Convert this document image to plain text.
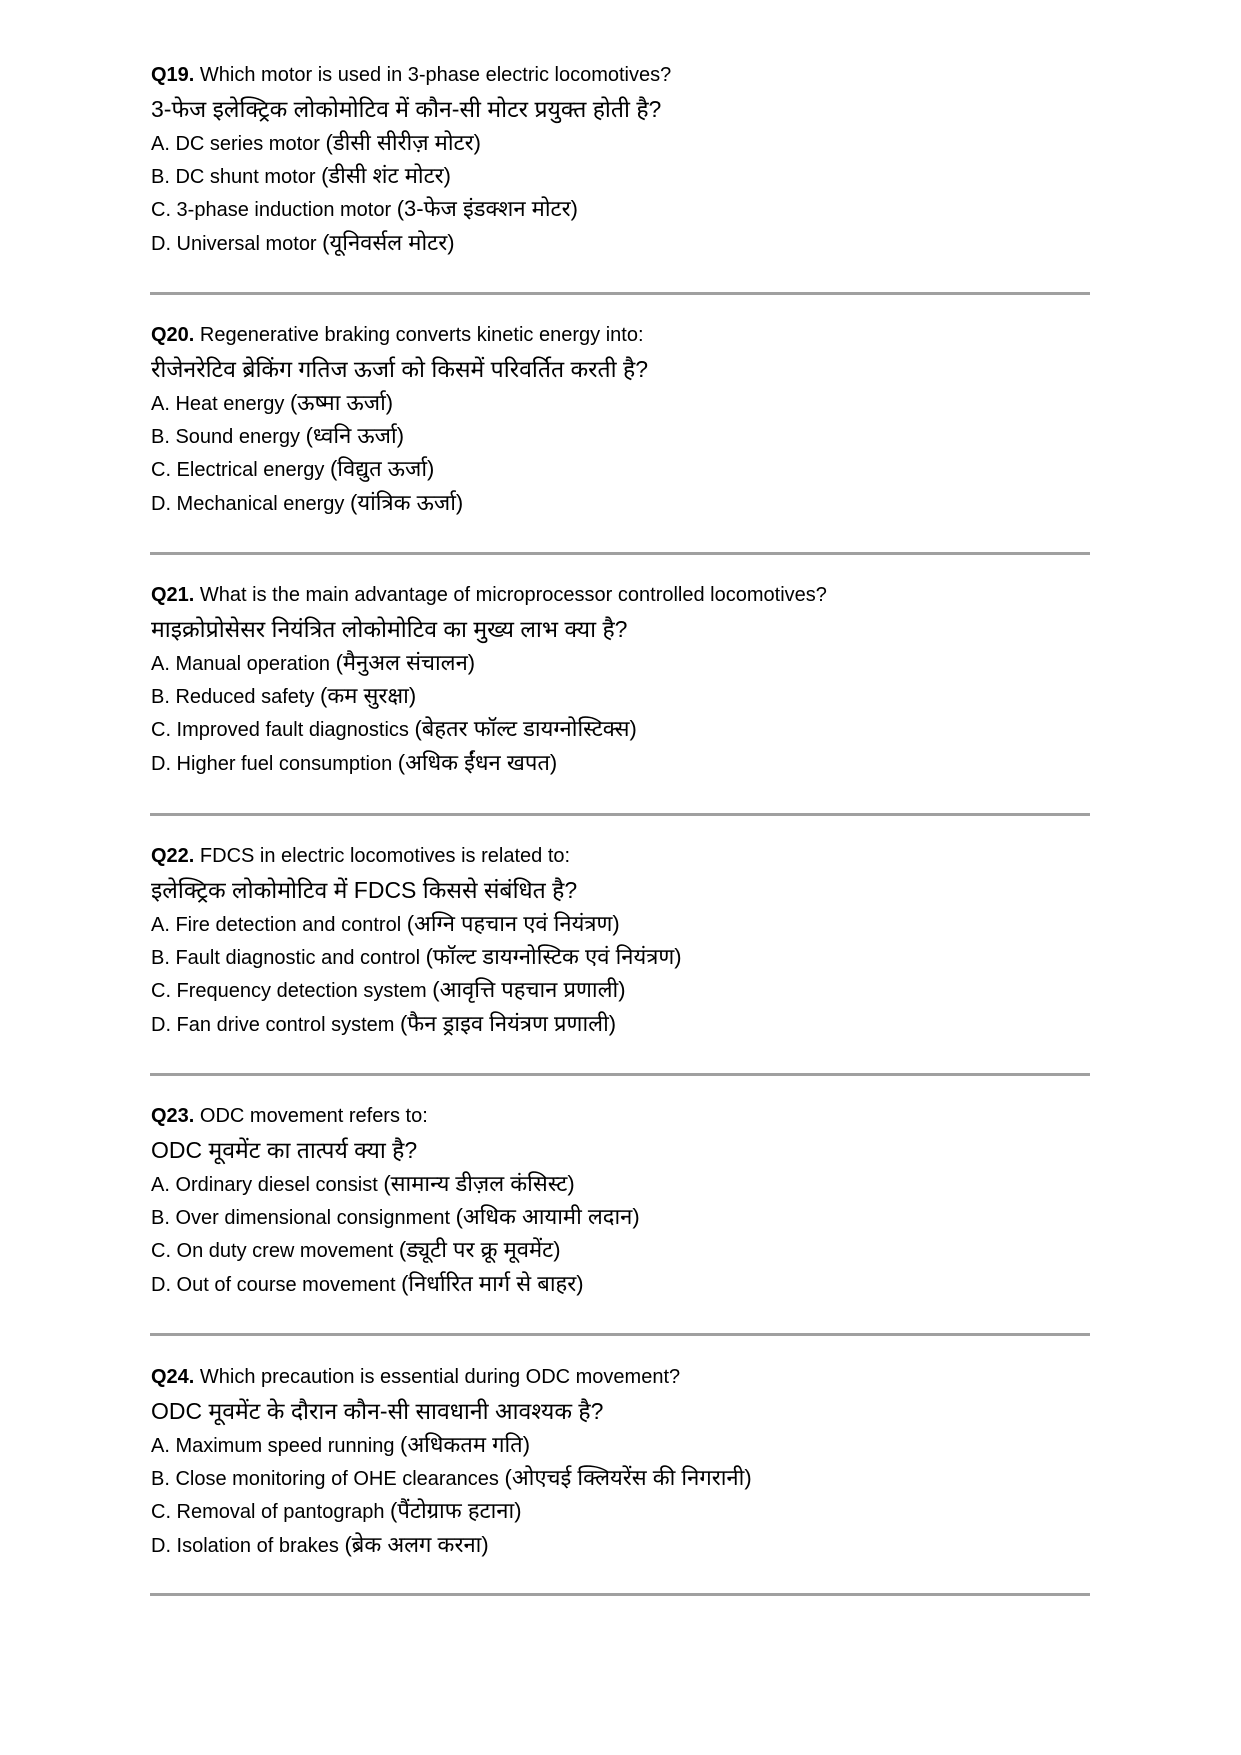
Q19. Which motor is used in 3-phase electric locomotives?
3-फेज इलेक्ट्रिक लोकोमोटिव में कौन-सी मोटर प्रयुक्त होती है?
A. DC series motor (डीसी सीरीज़ मोटर)
B. DC shunt motor (डीसी शंट मोटर)
C. 3-phase induction motor (3-फेज इंडक्शन मोटर)
D. Universal motor (यूनिवर्सल मोटर)
Q20. Regenerative braking converts kinetic energy into:
रीजेनरेटिव ब्रेकिंग गतिज ऊर्जा को किसमें परिवर्तित करती है?
A. Heat energy (ऊष्मा ऊर्जा)
B. Sound energy (ध्वनि ऊर्जा)
C. Electrical energy (विद्युत ऊर्जा)
D. Mechanical energy (यांत्रिक ऊर्जा)
Q21. What is the main advantage of microprocessor controlled locomotives?
माइक्रोप्रोसेसर नियंत्रित लोकोमोटिव का मुख्य लाभ क्या है?
A. Manual operation (मैनुअल संचालन)
B. Reduced safety (कम सुरक्षा)
C. Improved fault diagnostics (बेहतर फॉल्ट डायग्नोस्टिक्स)
D. Higher fuel consumption (अधिक ईंधन खपत)
Q22. FDCS in electric locomotives is related to:
इलेक्ट्रिक लोकोमोटिव में FDCS किससे संबंधित है?
A. Fire detection and control (अग्नि पहचान एवं नियंत्रण)
B. Fault diagnostic and control (फॉल्ट डायग्नोस्टिक एवं नियंत्रण)
C. Frequency detection system (आवृत्ति पहचान प्रणाली)
D. Fan drive control system (फैन ड्राइव नियंत्रण प्रणाली)
Q23. ODC movement refers to:
ODC मूवमेंट का तात्पर्य क्या है?
A. Ordinary diesel consist (सामान्य डीज़ल कंसिस्ट)
B. Over dimensional consignment (अधिक आयामी लदान)
C. On duty crew movement (ड्यूटी पर क्रू मूवमेंट)
D. Out of course movement (निर्धारित मार्ग से बाहर)
Q24. Which precaution is essential during ODC movement?
ODC मूवमेंट के दौरान कौन-सी सावधानी आवश्यक है?
A. Maximum speed running (अधिकतम गति)
B. Close monitoring of OHE clearances (ओएचई क्लियरेंस की निगरानी)
C. Removal of pantograph (पैंटोग्राफ हटाना)
D. Isolation of brakes (ब्रेक अलग करना)
